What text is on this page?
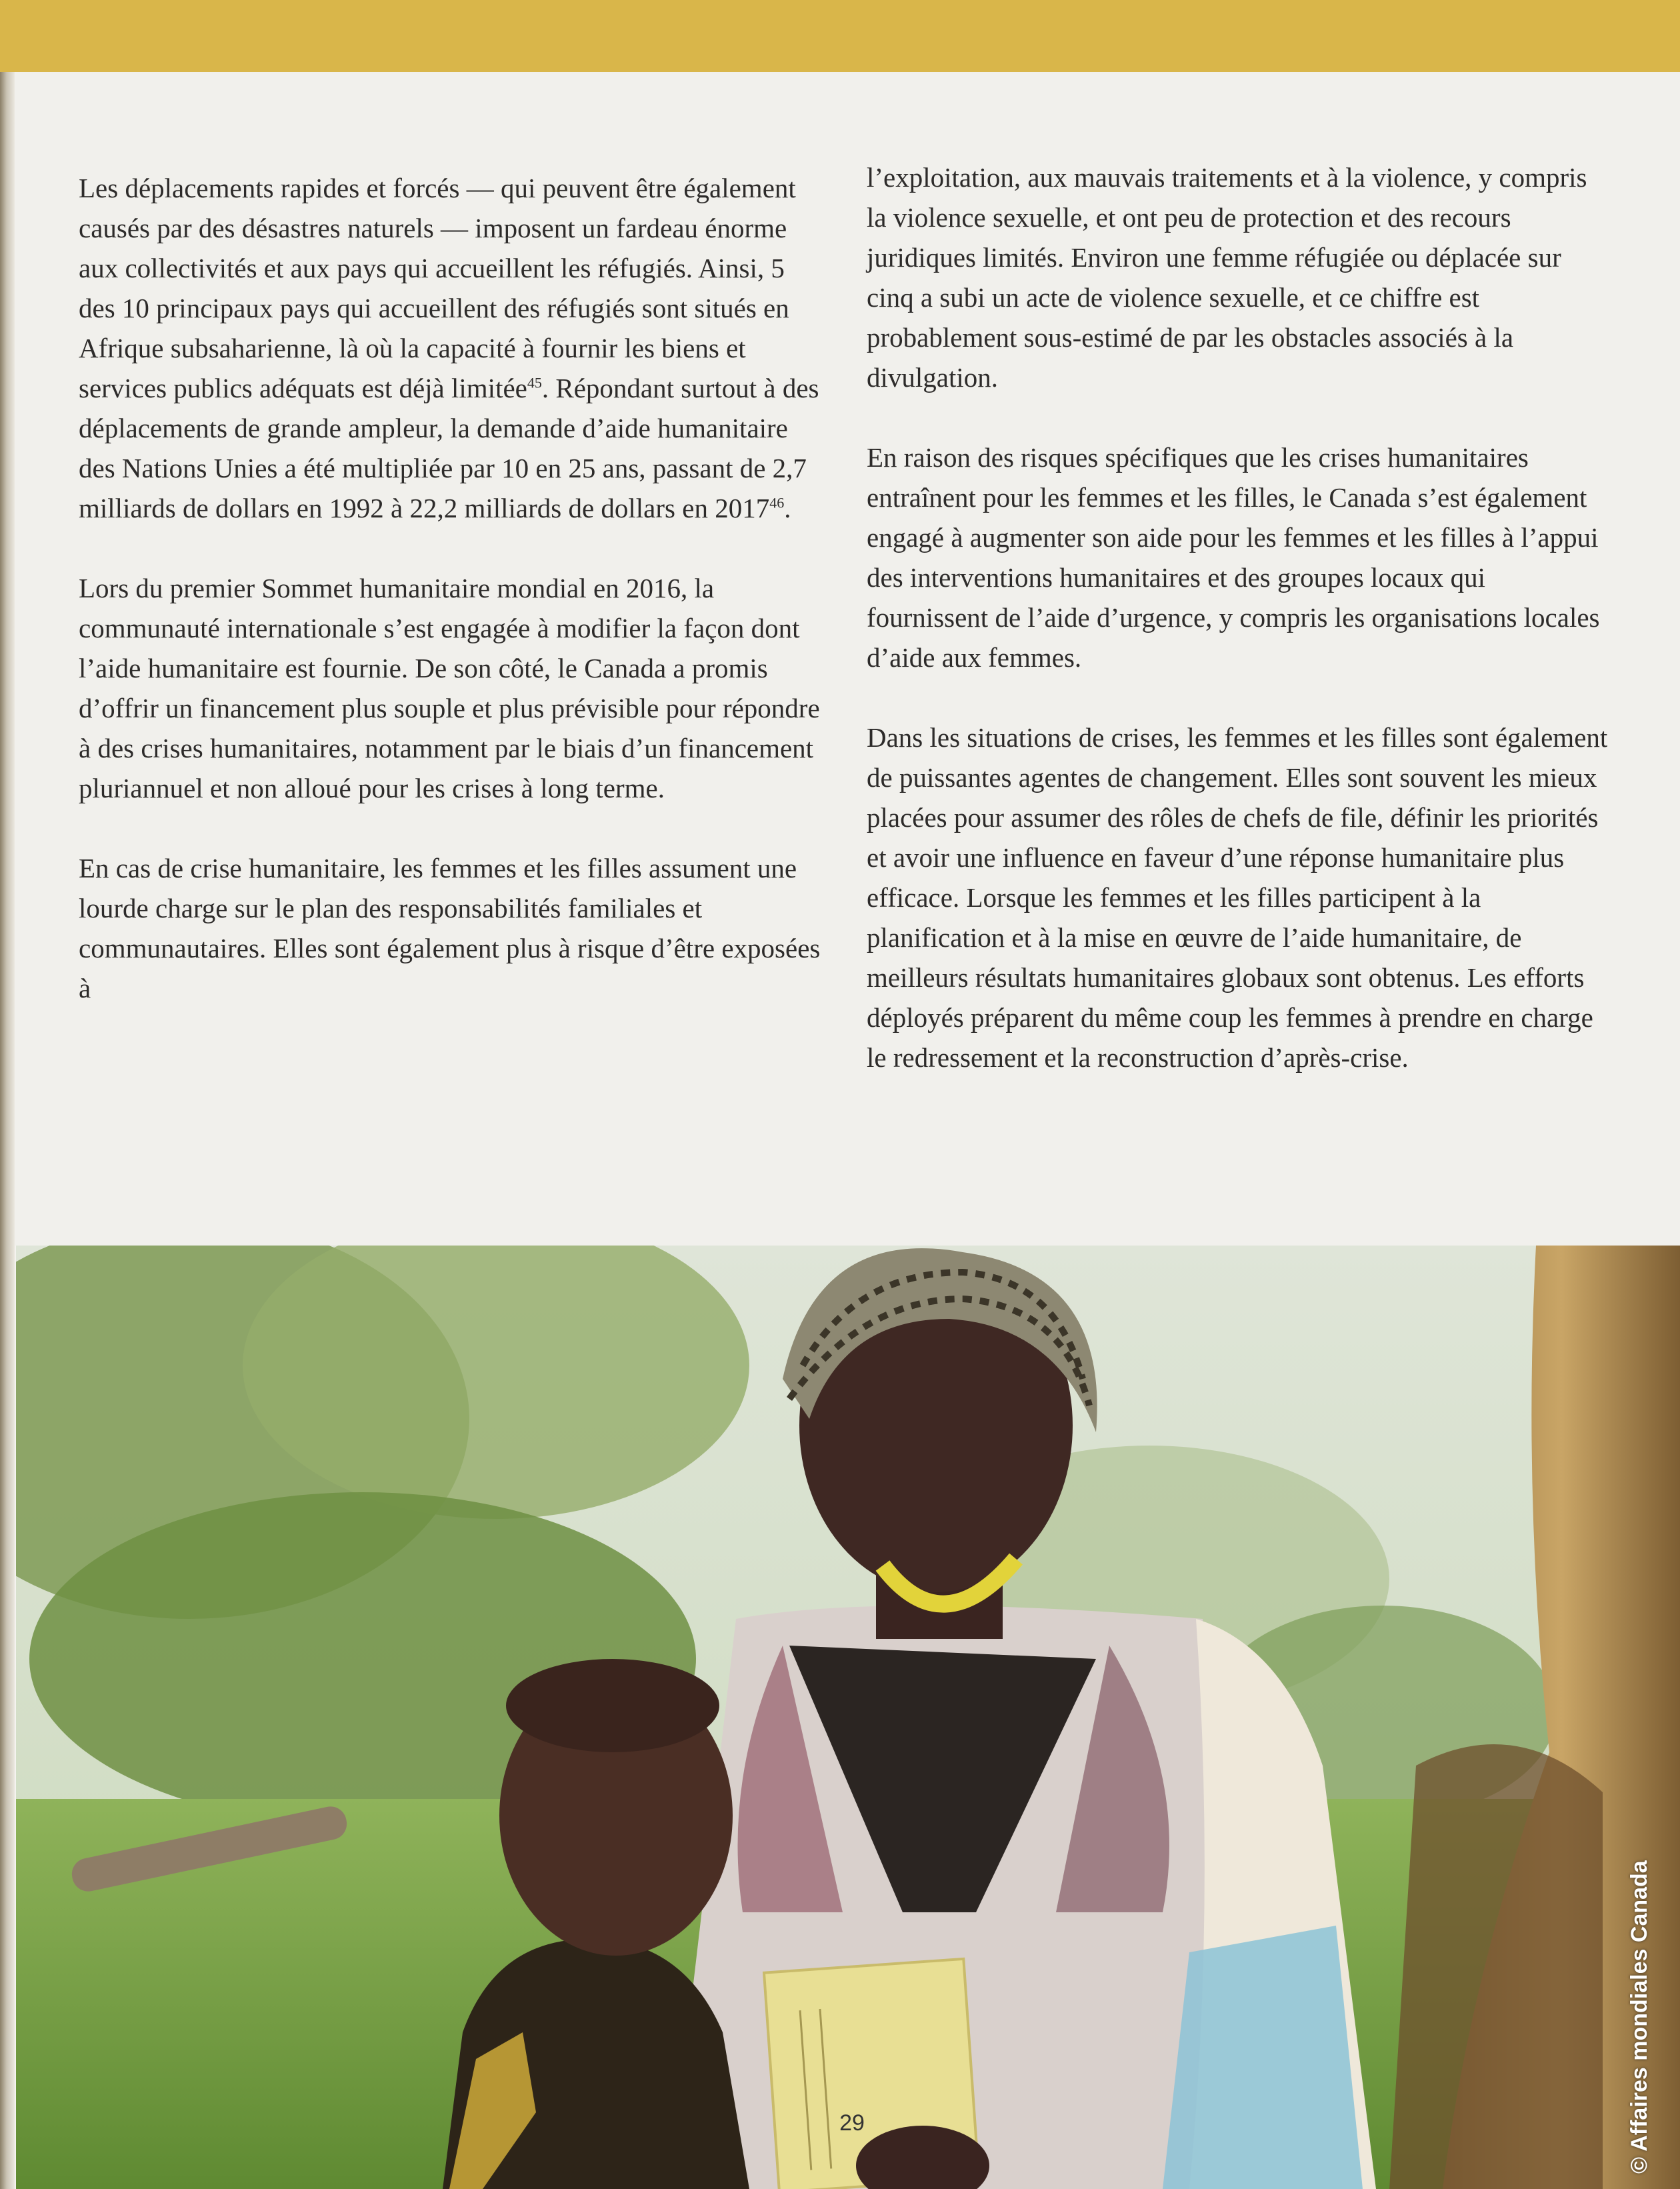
Les déplacements rapides et forcés — qui peuvent être également causés par des désastres naturels — imposent un fardeau énorme aux collectivités et aux pays qui accueillent les réfugiés. Ainsi, 5 des 10 principaux pays qui accueillent des réfugiés sont situés en Afrique subsaharienne, là où la capacité à fournir les biens et services publics adéquats est déjà limitée$^{45}$. Répondant surtout à des déplacements de grande ampleur, la demande d’aide humanitaire des Nations Unies a été multipliée par 10 en 25 ans, passant de 2,7 milliards de dollars en 1992 à 22,2 milliards de dollars en 2017$^{46}$.

Lors du premier Sommet humanitaire mondial en 2016, la communauté internationale s’est engagée à modifier la façon dont l’aide humanitaire est fournie. De son côté, le Canada a promis d’offrir un financement plus souple et plus prévisible pour répondre à des crises humanitaires, notamment par le biais d’un financement pluriannuel et non alloué pour les crises à long terme.

En cas de crise humanitaire, les femmes et les filles assument une lourde charge sur le plan des responsabilités familiales et communautaires. Elles sont également plus à risque d’être exposées à

l’exploitation, aux mauvais traitements et à la violence, y compris la violence sexuelle, et ont peu de protection et des recours juridiques limités. Environ une femme réfugiée ou déplacée sur cinq a subi un acte de violence sexuelle, et ce chiffre est probablement sous-estimé de par les obstacles associés à la divulgation.

En raison des risques spécifiques que les crises humanitaires entraînent pour les femmes et les filles, le Canada s’est également engagé à augmenter son aide pour les femmes et les filles à l’appui des interventions humanitaires et des groupes locaux qui fournissent de l’aide d’urgence, y compris les organisations locales d’aide aux femmes.

Dans les situations de crises, les femmes et les filles sont également de puissantes agentes de changement. Elles sont souvent les mieux placées pour assumer des rôles de chefs de file, définir les priorités et avoir une influence en faveur d’une réponse humanitaire plus efficace. Lorsque les femmes et les filles participent à la planification et à la mise en œuvre de l’aide humanitaire, de meilleurs résultats humanitaires globaux sont obtenus. Les efforts déployés préparent du même coup les femmes à prendre en charge le redressement et la reconstruction d’après-crise.

29	© Affaires mondiales Canada
